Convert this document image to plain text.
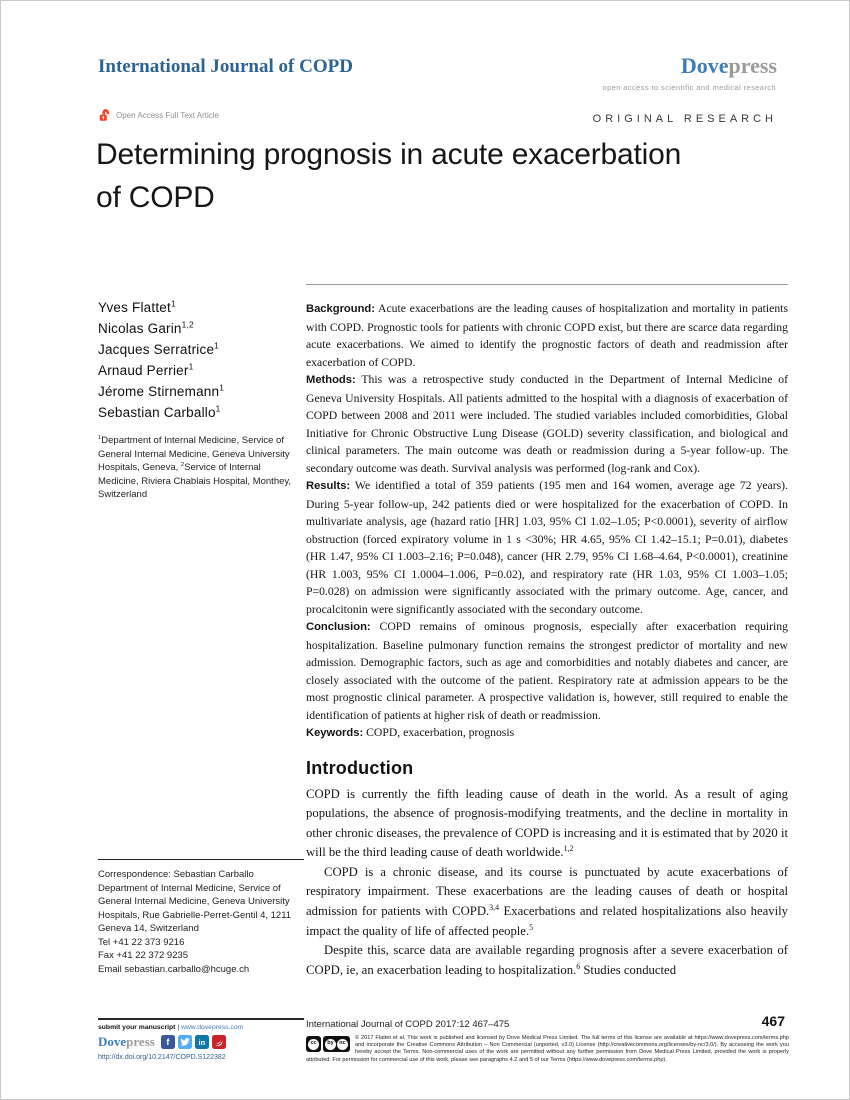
International Journal of COPD	Dovepress
open access to scientific and medical research
Open Access Full Text Article	ORIGINAL RESEARCH
Determining prognosis in acute exacerbation
of COPD
Yves Flattet$^1$
Nicolas Garin$^{1,2}$
Jacques Serratrice$^1$
Arnaud Perrier$^1$
Jérome Stirnemann$^1$
Sebastian Carballo$^1$
$^1$Department of Internal Medicine, Service of General Internal Medicine, Geneva University Hospitals, Geneva, $^2$Service of Internal Medicine, Riviera Chablais Hospital, Monthey, Switzerland
Correspondence: Sebastian Carballo
Department of Internal Medicine, Service of General Internal Medicine, Geneva University Hospitals, Rue Gabrielle-Perret-Gentil 4, 1211 Geneva 14, Switzerland
Tel +41 22 373 9216
Fax +41 22 372 9235
Email sebastian.carballo@hcuge.ch
Background: Acute exacerbations are the leading causes of hospitalization and mortality in patients with COPD. Prognostic tools for patients with chronic COPD exist, but there are scarce data regarding acute exacerbations. We aimed to identify the prognostic factors of death and readmission after exacerbation of COPD.
Methods: This was a retrospective study conducted in the Department of Internal Medicine of Geneva University Hospitals. All patients admitted to the hospital with a diagnosis of exacerbation of COPD between 2008 and 2011 were included. The studied variables included comorbidities, Global Initiative for Chronic Obstructive Lung Disease (GOLD) severity classification, and biological and clinical parameters. The main outcome was death or readmission during a 5-year follow-up. The secondary outcome was death. Survival analysis was performed (log-rank and Cox).
Results: We identified a total of 359 patients (195 men and 164 women, average age 72 years). During 5-year follow-up, 242 patients died or were hospitalized for the exacerbation of COPD. In multivariate analysis, age (hazard ratio [HR] 1.03, 95% CI 1.02–1.05; P<0.0001), severity of airflow obstruction (forced expiratory volume in 1 s <30%; HR 4.65, 95% CI 1.42–15.1; P=0.01), diabetes (HR 1.47, 95% CI 1.003–2.16; P=0.048), cancer (HR 2.79, 95% CI 1.68–4.64, P<0.0001), creatinine (HR 1.003, 95% CI 1.0004–1.006, P=0.02), and respiratory rate (HR 1.03, 95% CI 1.003–1.05; P=0.028) on admission were significantly associated with the primary outcome. Age, cancer, and procalcitonin were significantly associated with the secondary outcome.
Conclusion: COPD remains of ominous prognosis, especially after exacerbation requiring hospitalization. Baseline pulmonary function remains the strongest predictor of mortality and new admission. Demographic factors, such as age and comorbidities and notably diabetes and cancer, are closely associated with the outcome of the patient. Respiratory rate at admission appears to be the most prognostic clinical parameter. A prospective validation is, however, still required to enable the identification of patients at higher risk of death or readmission.
Keywords: COPD, exacerbation, prognosis
Introduction

COPD is currently the fifth leading cause of death in the world. As a result of aging populations, the absence of prognosis-modifying treatments, and the decline in mortality in other chronic diseases, the prevalence of COPD is increasing and it is estimated that by 2020 it will be the third leading cause of death worldwide.$^{1,2}$

COPD is a chronic disease, and its course is punctuated by acute exacerbations of respiratory impairment. These exacerbations are the leading causes of death or hospital admission for patients with COPD.$^{3,4}$ Exacerbations and related hospitalizations also heavily impact the quality of life of affected people.$^5$

Despite this, scarce data are available regarding prognosis after a severe exacerbation of COPD, ie, an exacerbation leading to hospitalization.$^6$ Studies conducted

submit your manuscript | www.dovepress.com
Dovepress	f	in
http://dx.doi.org/10.2147/COPD.S122382
International Journal of COPD 2017:12 467–475	467
cc	by	nc
© 2017 Flattet et al. This work is published and licensed by Dove Medical Press Limited. The full terms of this license are available at https://www.dovepress.com/terms.php and incorporate the Creative Commons Attribution – Non Commercial (unported, v3.0) License (http://creativecommons.org/licenses/by-nc/3.0/). By accessing the work you hereby accept the Terms. Non-commercial uses of the work are permitted without any further permission from Dove Medical Press Limited, provided the work is properly attributed. For permission for commercial use of this work, please see paragraphs 4.2 and 5 of our Terms (https://www.dovepress.com/terms.php).
